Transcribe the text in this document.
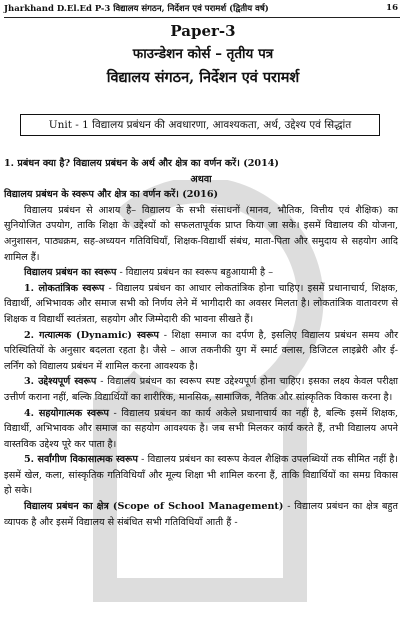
Jharkhand D.El.Ed P-3 विद्यालय संगठन, निर्देशन एवं परामर्श (द्वितीय वर्ष)	16
Paper-3
फाउन्डेशन कोर्स – तृतीय पत्र
विद्यालय संगठन, निर्देशन एवं परामर्श
Unit - 1 विद्यालय प्रबंधन की अवधारणा, आवश्यकता, अर्थ, उद्देश्य एवं सिद्धांत

1. प्रबंधन क्या है? विद्यालय प्रबंधन के अर्थ और क्षेत्र का वर्णन करें। (2014)

अथवा

विद्यालय प्रबंधन के स्वरूप और क्षेत्र का वर्णन करें। (2016)

विद्यालय प्रबंधन से आशय है– विद्यालय के सभी संसाधनों (मानव, भौतिक, वित्तीय एवं शैक्षिक) का सुनियोजित उपयोग, ताकि शिक्षा के उद्देश्यों को सफलतापूर्वक प्राप्त किया जा सके। इसमें विद्यालय की योजना, अनुशासन, पाठ्यक्रम, सह-अध्ययन गतिविधियाँ, शिक्षक-विद्यार्थी संबंध, माता-पिता और समुदाय से सहयोग आदि शामिल हैं।

विद्यालय प्रबंधन का स्वरूप - विद्यालय प्रबंधन का स्वरूप बहुआयामी है –

1. लोकतांत्रिक स्वरूप - विद्यालय प्रबंधन का आधार लोकतांत्रिक होना चाहिए। इसमें प्रधानाचार्य, शिक्षक, विद्यार्थी, अभिभावक और समाज सभी को निर्णय लेने में भागीदारी का अवसर मिलता है। लोकतांत्रिक वातावरण से शिक्षक व विद्यार्थी स्वतंत्रता, सहयोग और जिम्मेदारी की भावना सीखते हैं।

2. गत्यात्मक (Dynamic) स्वरूप - शिक्षा समाज का दर्पण है, इसलिए विद्यालय प्रबंधन समय और परिस्थितियों के अनुसार बदलता रहता है। जैसे – आज तकनीकी युग में स्मार्ट क्लास, डिजिटल लाइब्रेरी और ई-लर्निंग को विद्यालय प्रबंधन में शामिल करना आवश्यक है।

3. उद्देश्यपूर्ण स्वरूप - विद्यालय प्रबंधन का स्वरूप स्पष्ट उद्देश्यपूर्ण होना चाहिए। इसका लक्ष्य केवल परीक्षा उत्तीर्ण कराना नहीं, बल्कि विद्यार्थियों का शारीरिक, मानसिक, सामाजिक, नैतिक और सांस्कृतिक विकास करना है।

4. सहयोगात्मक स्वरूप - विद्यालय प्रबंधन का कार्य अकेले प्रधानाचार्य का नहीं है, बल्कि इसमें शिक्षक, विद्यार्थी, अभिभावक और समाज का सहयोग आवश्यक है। जब सभी मिलकर कार्य करते हैं, तभी विद्यालय अपने वास्तविक उद्देश्य पूरे कर पाता है।

5. सर्वांगीण विकासात्मक स्वरूप - विद्यालय प्रबंधन का स्वरूप केवल शैक्षिक उपलब्धियों तक सीमित नहीं है। इसमें खेल, कला, सांस्कृतिक गतिविधियाँ और मूल्य शिक्षा भी शामिल करना हैं, ताकि विद्यार्थियों का समग्र विकास हो सके।

विद्यालय प्रबंधन का क्षेत्र (Scope of School Management) - विद्यालय प्रबंधन का क्षेत्र बहुत व्यापक है और इसमें विद्यालय से संबंधित सभी गतिविधियाँ आती हैं -
